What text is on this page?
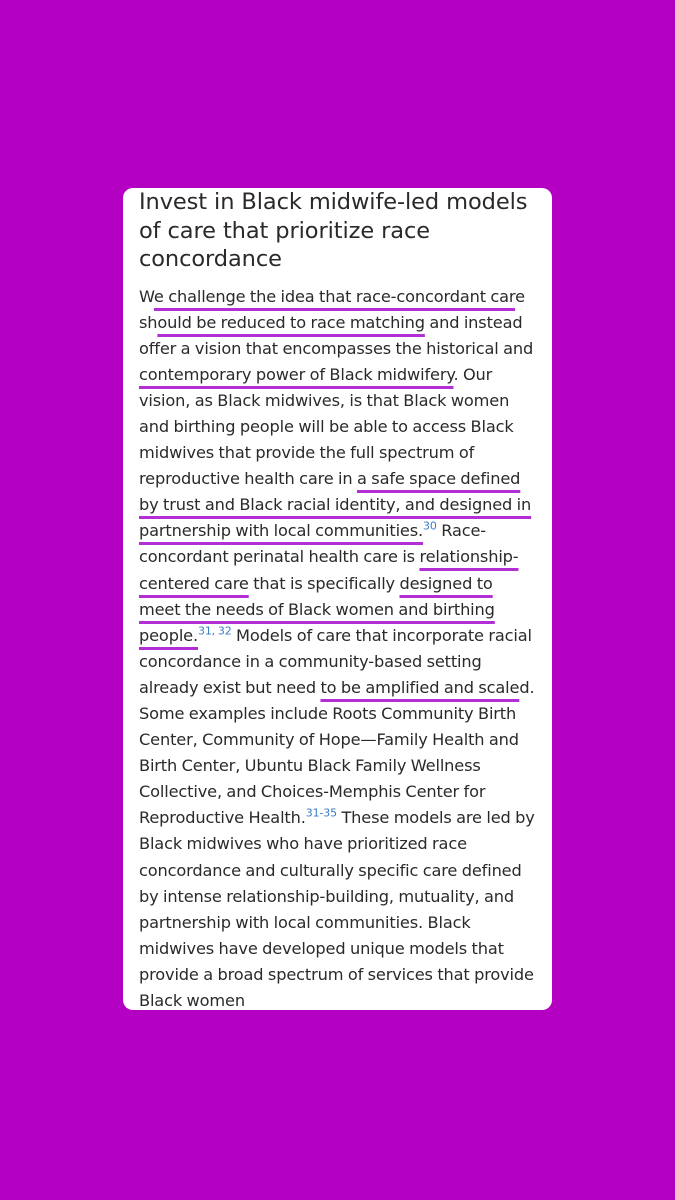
Invest in Black midwife-led models of care that prioritize race concordance

We challenge the idea that race-concordant care should be reduced to race matching and instead offer a vision that encompasses the historical and contemporary power of Black midwifery. Our vision, as Black midwives, is that Black women and birthing people will be able to access Black midwives that provide the full spectrum of reproductive health care in a safe space defined by trust and Black racial identity, and designed in partnership with local communities.$^{30}$ Race-concordant perinatal health care is relationship-centered care that is specifically designed to meet the needs of Black women and birthing people.$^{31, 32}$ Models of care that incorporate racial concordance in a community-based setting already exist but need to be amplified and scaled. Some examples include Roots Community Birth Center, Community of Hope—Family Health and Birth Center, Ubuntu Black Family Wellness Collective, and Choices-Memphis Center for Reproductive Health.$^{31-35}$ These models are led by Black midwives who have prioritized race concordance and culturally specific care defined by intense relationship-building, mutuality, and partnership with local communities. Black midwives have developed unique models that provide a broad spectrum of services that provide Black women
